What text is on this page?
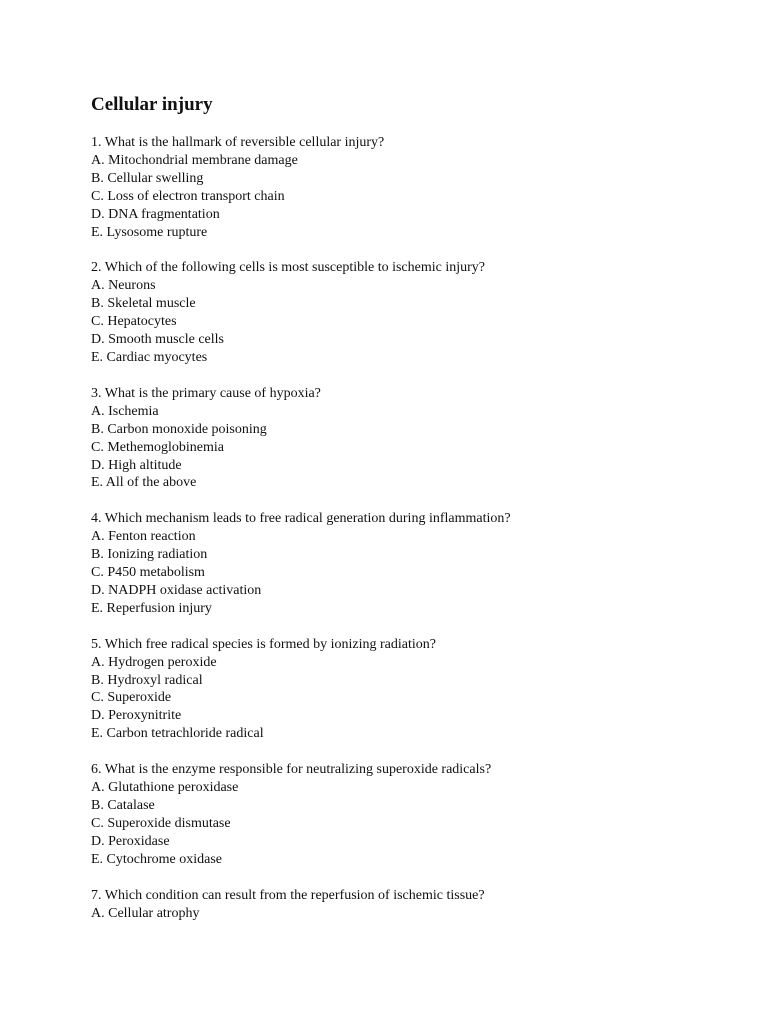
Cellular injury
1. What is the hallmark of reversible cellular injury?
A. Mitochondrial membrane damage
B. Cellular swelling
C. Loss of electron transport chain
D. DNA fragmentation
E. Lysosome rupture
2. Which of the following cells is most susceptible to ischemic injury?
A. Neurons
B. Skeletal muscle
C. Hepatocytes
D. Smooth muscle cells
E. Cardiac myocytes
3. What is the primary cause of hypoxia?
A. Ischemia
B. Carbon monoxide poisoning
C. Methemoglobinemia
D. High altitude
E. All of the above
4. Which mechanism leads to free radical generation during inflammation?
A. Fenton reaction
B. Ionizing radiation
C. P450 metabolism
D. NADPH oxidase activation
E. Reperfusion injury
5. Which free radical species is formed by ionizing radiation?
A. Hydrogen peroxide
B. Hydroxyl radical
C. Superoxide
D. Peroxynitrite
E. Carbon tetrachloride radical
6. What is the enzyme responsible for neutralizing superoxide radicals?
A. Glutathione peroxidase
B. Catalase
C. Superoxide dismutase
D. Peroxidase
E. Cytochrome oxidase
7. Which condition can result from the reperfusion of ischemic tissue?
A. Cellular atrophy
